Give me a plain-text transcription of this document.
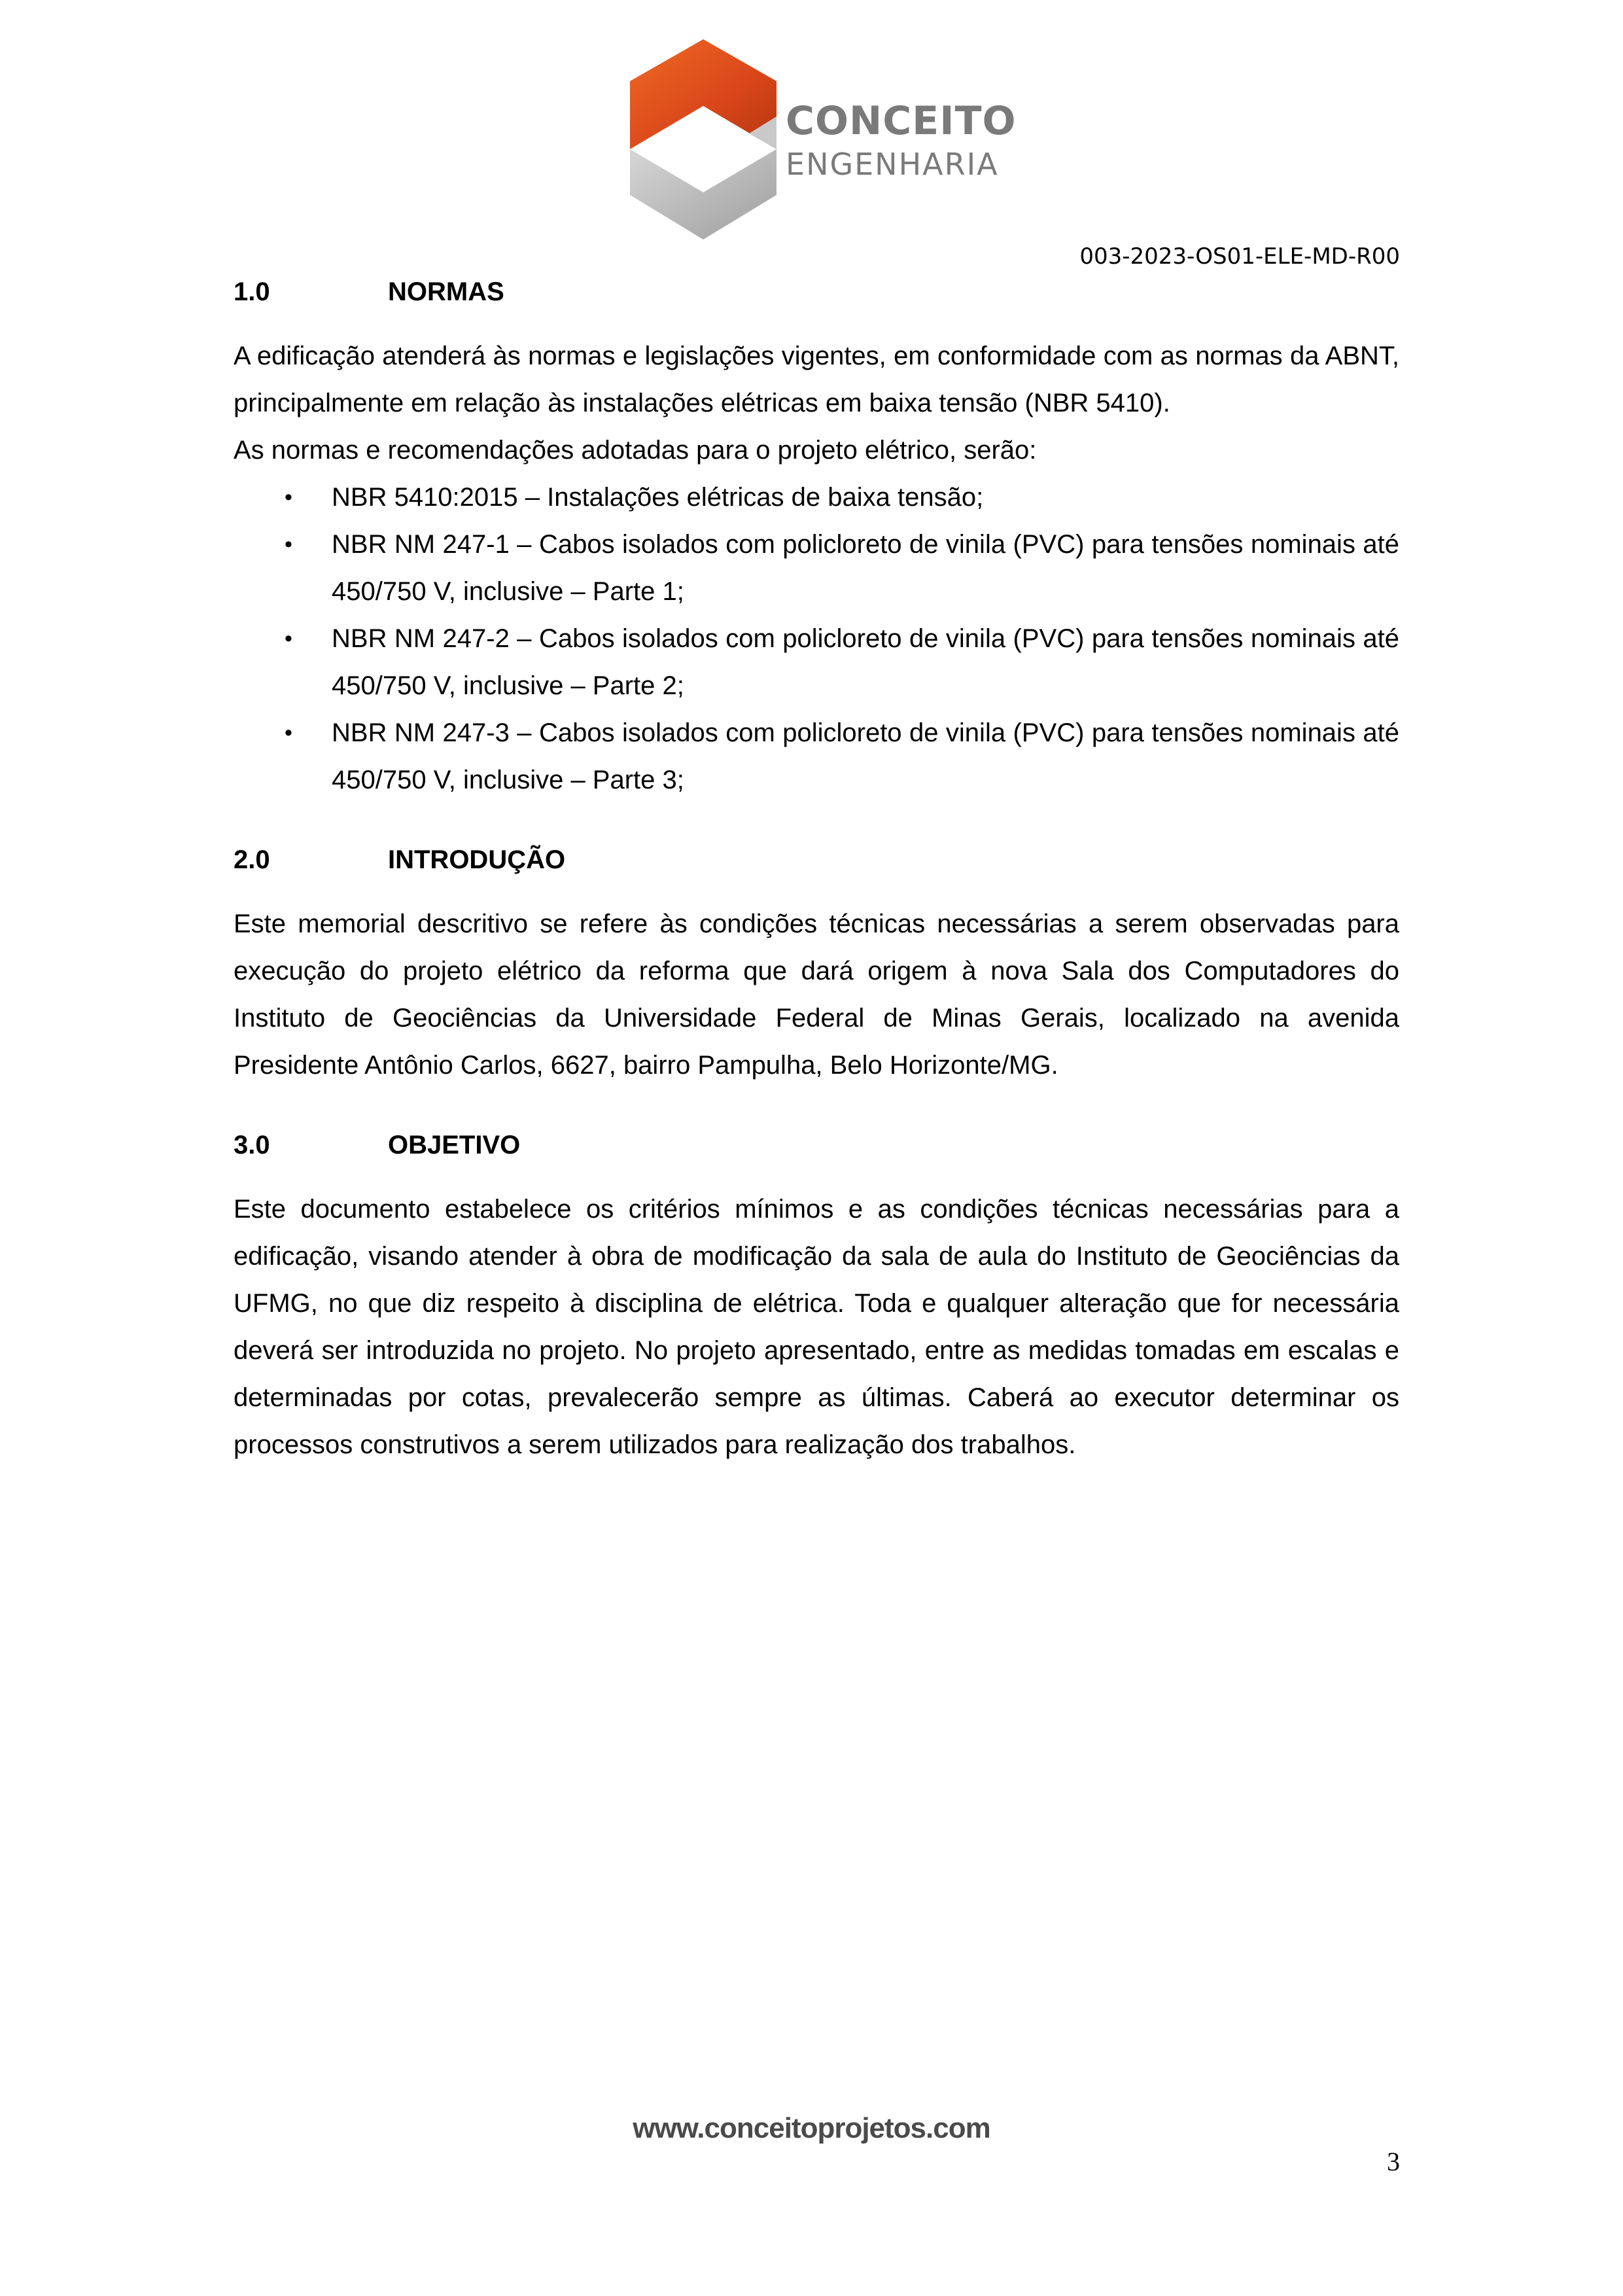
CONCEITO
ENGENHARIA
003-2023-OS01-ELE-MD-R00
1.0	NORMAS

A edificação atenderá às normas e legislações vigentes, em conformidade com as normas da ABNT, principalmente em relação às instalações elétricas em baixa tensão (NBR 5410).

As normas e recomendações adotadas para o projeto elétrico, serão:

• NBR 5410:2015 – Instalações elétricas de baixa tensão;
• NBR NM 247-1 – Cabos isolados com policloreto de vinila (PVC) para tensões nominais até 450/750 V, inclusive – Parte 1;
• NBR NM 247-2 – Cabos isolados com policloreto de vinila (PVC) para tensões nominais até 450/750 V, inclusive – Parte 2;
• NBR NM 247-3 – Cabos isolados com policloreto de vinila (PVC) para tensões nominais até 450/750 V, inclusive – Parte 3;
2.0	INTRODUÇÃO

Este memorial descritivo se refere às condições técnicas necessárias a serem observadas para execução do projeto elétrico da reforma que dará origem à nova Sala dos Computadores do Instituto de Geociências da Universidade Federal de Minas Gerais, localizado na avenida Presidente Antônio Carlos, 6627, bairro Pampulha, Belo Horizonte/MG.

3.0	OBJETIVO

Este documento estabelece os critérios mínimos e as condições técnicas necessárias para a edificação, visando atender à obra de modificação da sala de aula do Instituto de Geociências da UFMG, no que diz respeito à disciplina de elétrica. Toda e qualquer alteração que for necessária deverá ser introduzida no projeto. No projeto apresentado, entre as medidas tomadas em escalas e determinadas por cotas, prevalecerão sempre as últimas. Caberá ao executor determinar os processos construtivos a serem utilizados para realização dos trabalhos.

www.conceitoprojetos.com
3
